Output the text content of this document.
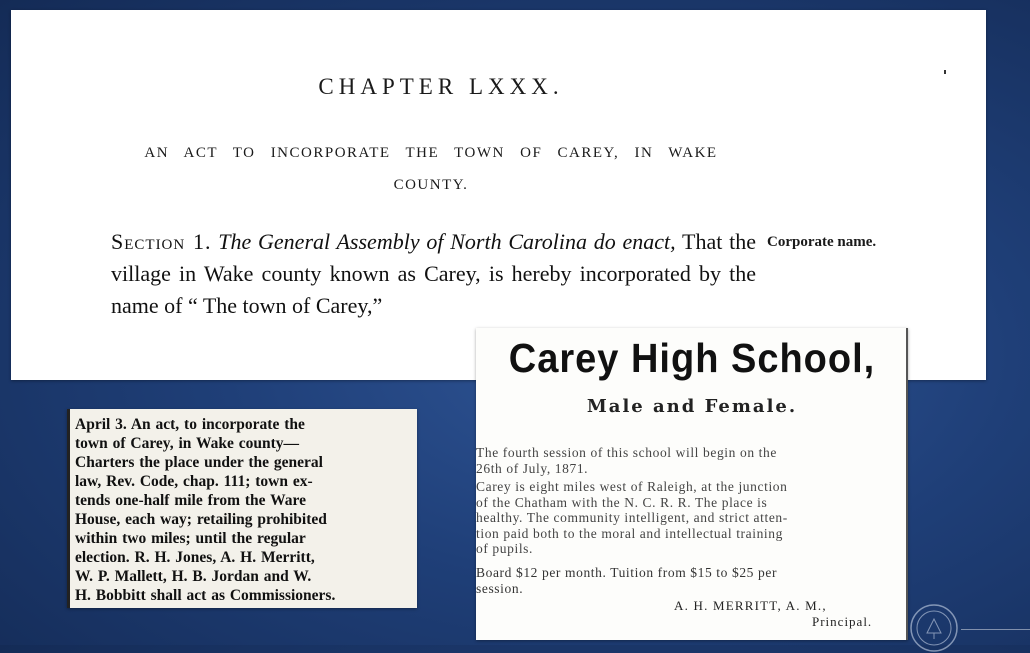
CHAPTER LXXX.
AN ACT TO INCORPORATE THE TOWN OF CAREY, IN WAKE
COUNTY.
Section 1. The General Assembly of North Carolina do enact, That the village in Wake county known as Carey, is hereby incorporated by the name of “ The town of Carey,”
Corporate name.
April 3. An act, to incorporate the
town of Carey, in Wake county—
Charters the place under the general
law, Rev. Code, chap. 111; town ex-
tends one-half mile from the Ware
House, each way; retailing prohibited
within two miles; until the regular
election. R. H. Jones, A. H. Merritt,
W. P. Mallett, H. B. Jordan and W.
H. Bobbitt shall act as Commissioners.
Carey High School,
Male and Female.
The fourth session of this school will begin on the
26th of July, 1871.
Carey is eight miles west of Raleigh, at the junction
of the Chatham with the N. C. R. R. The place is
healthy. The community intelligent, and strict atten-
tion paid both to the moral and intellectual training
of pupils.
Board $12 per month. Tuition from $15 to $25 per
session.
A. H. MERRITT, A. M.,
Principal.
